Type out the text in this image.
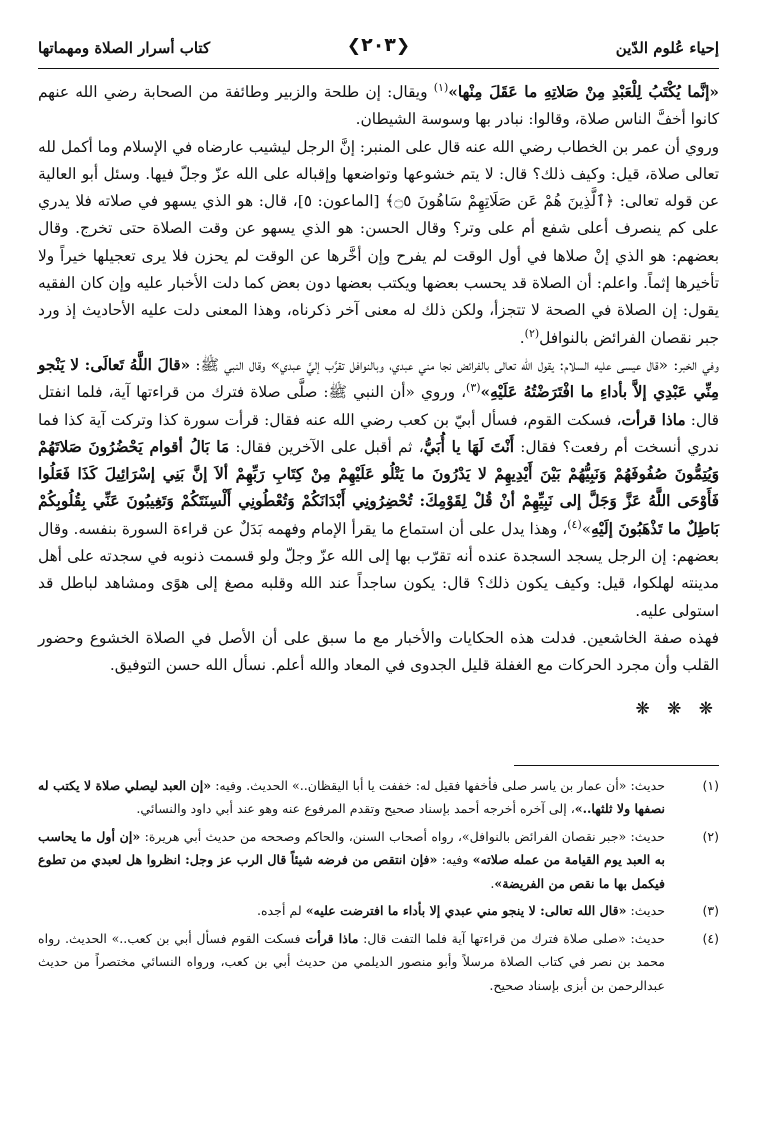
إحياء عُلوم الدّين
❮٢٠٣❯
كتاب أسرار الصلاة ومهماتها

«إنَّما يُكْتَبُ لِلْعَبْدِ مِنْ صَلاتِهِ ما عَقَلَ مِنْها»$^{(١)}$ ويقال: إن طلحة والزبير وطائفة من الصحابة رضي الله عنهم كانوا أخفَّ الناس صلاة، وقالوا: نبادر بها وسوسة الشيطان.

وروي أن عمر بن الخطاب رضي الله عنه قال على المنبر: إنَّ الرجل ليشيب عارضاه في الإسلام وما أكمل لله تعالى صلاة، قيل: وكيف ذلك؟ قال: لا يتم خشوعها وتواضعها وإقباله على الله عزّ وجلّ فيها. وسئل أبو العالية عن قوله تعالى: ﴿ٱلَّذِينَ هُمْ عَن صَلَاتِهِمْ سَاهُونَ ۝٥﴾ [الماعون: ٥]، قال: هو الذي يسهو في صلاته فلا يدري على كم ينصرف أعلى شفع أم على وتر؟ وقال الحسن: هو الذي يسهو عن وقت الصلاة حتى تخرج. وقال بعضهم: هو الذي إنْ صلاها في أول الوقت لم يفرح وإن أخَّرها عن الوقت لم يحزن فلا يرى تعجيلها خيراً ولا تأخيرها إثماً. واعلم: أن الصلاة قد يحسب بعضها ويكتب بعضها دون بعض كما دلت الأخبار عليه وإن كان الفقيه يقول: إن الصلاة في الصحة لا تتجزأ، ولكن ذلك له معنى آخر ذكرناه، وهذا المعنى دلت عليه الأحاديث إذ ورد جبر نقصان الفرائض بالنوافل$^{(٢)}$.

وفي الخبر: «قال عيسى عليه السلام: يقول الله تعالى بالفرائض نجا مني عبدي، وبالنوافل تقرَّب إليَّ عبدي» وقال النبي ﷺ: «قالَ اللَّهُ تَعالَى: لا يَنْجو مِنِّي عَبْدِي إلاَّ بأداءِ ما افْتَرَضْتُهُ عَلَيْهِ»$^{(٣)}$، وروي «أن النبي ﷺ: صلَّى صلاة فترك من قراءتها آية، فلما انفتل قال: ماذا قرأت، فسكت القوم، فسأل أبيّ بن كعب رضي الله عنه فقال: قرأت سورة كذا وتركت آية كذا فما ندري أنسخت أم رفعت؟ فقال: أَنْتَ لَهَا يا أُبَيُّ، ثم أقبل على الآخرين فقال: مَا بَالُ أقوام يَحْضُرُونَ صَلاتَهُمْ وَيُتِمُّونَ صُفُوفَهُمْ وَنَبِيُّهُمْ بَيْنَ أَيْدِيهِمْ لا يَدْرُونَ ما يَتْلُو عَلَيْهِمْ مِنْ كِتَابِ رَبِّهِمْ ألاَ إنَّ بَنِي إسْرَائِيلَ كَذَا فَعَلُوا فَأَوْحَى اللَّهُ عَزَّ وَجَلَّ إلى نَبِيِّهِمْ أنْ قُلْ لِقَوْمِكَ: تُحْضِرُونِي أَبْدَانَكُمْ وَتُعْطُونِي أَلْسِنَتَكُمْ وَتَغِيبُونَ عَنِّي بِقُلُوبِكُمْ بَاطِلٌ ما تَذْهَبُونَ إلَيْهِ»$^{(٤)}$، وهذا يدل على أن استماع ما يقرأ الإمام وفهمه بَدَلٌ عن قراءة السورة بنفسه. وقال بعضهم: إن الرجل يسجد السجدة عنده أنه تقرّب بها إلى الله عزّ وجلّ ولو قسمت ذنوبه في سجدته على أهل مدينته لهلكوا، قيل: وكيف يكون ذلك؟ قال: يكون ساجداً عند الله وقلبه مصغ إلى هوًى ومشاهد لباطل قد استولى عليه.

فهذه صفة الخاشعين. فدلت هذه الحكايات والأخبار مع ما سبق على أن الأصل في الصلاة الخشوع وحضور القلب وأن مجرد الحركات مع الغفلة قليل الجدوى في المعاد والله أعلم. نسأل الله حسن التوفيق.

❋ ❋ ❋
(١)
حديث: «أن عمار بن ياسر صلى فأخفها فقيل له: خففت يا أبا اليقظان..» الحديث. وفيه: «إن العبد ليصلي صلاة لا يكتب له نصفها ولا ثلثها..»، إلى آخره أخرجه أحمد بإسناد صحيح وتقدم المرفوع عنه وهو عند أبي داود والنسائي.
(٢)
حديث: «جبر نقصان الفرائض بالنوافل»، رواه أصحاب السنن، والحاكم وصححه من حديث أبي هريرة: «إن أول ما يحاسب به العبد يوم القيامة من عمله صلاته» وفيه: «فإن انتقص من فرضه شيئاً قال الرب عز وجل: انظروا هل لعبدي من تطوع فيكمل بها ما نقص من الفريضة».
(٣)
حديث: «قال الله تعالى: لا ينجو مني عبدي إلا بأداء ما افترضت عليه» لم أجده.
(٤)
حديث: «صلى صلاة فترك من قراءتها آية فلما التفت قال: ماذا قرأت فسكت القوم فسأل أبي بن كعب..» الحديث. رواه محمد بن نصر في كتاب الصلاة مرسلاً وأبو منصور الديلمي من حديث أبي بن كعب، ورواه النسائي مختصراً من حديث عبدالرحمن بن أبزى بإسناد صحيح.
